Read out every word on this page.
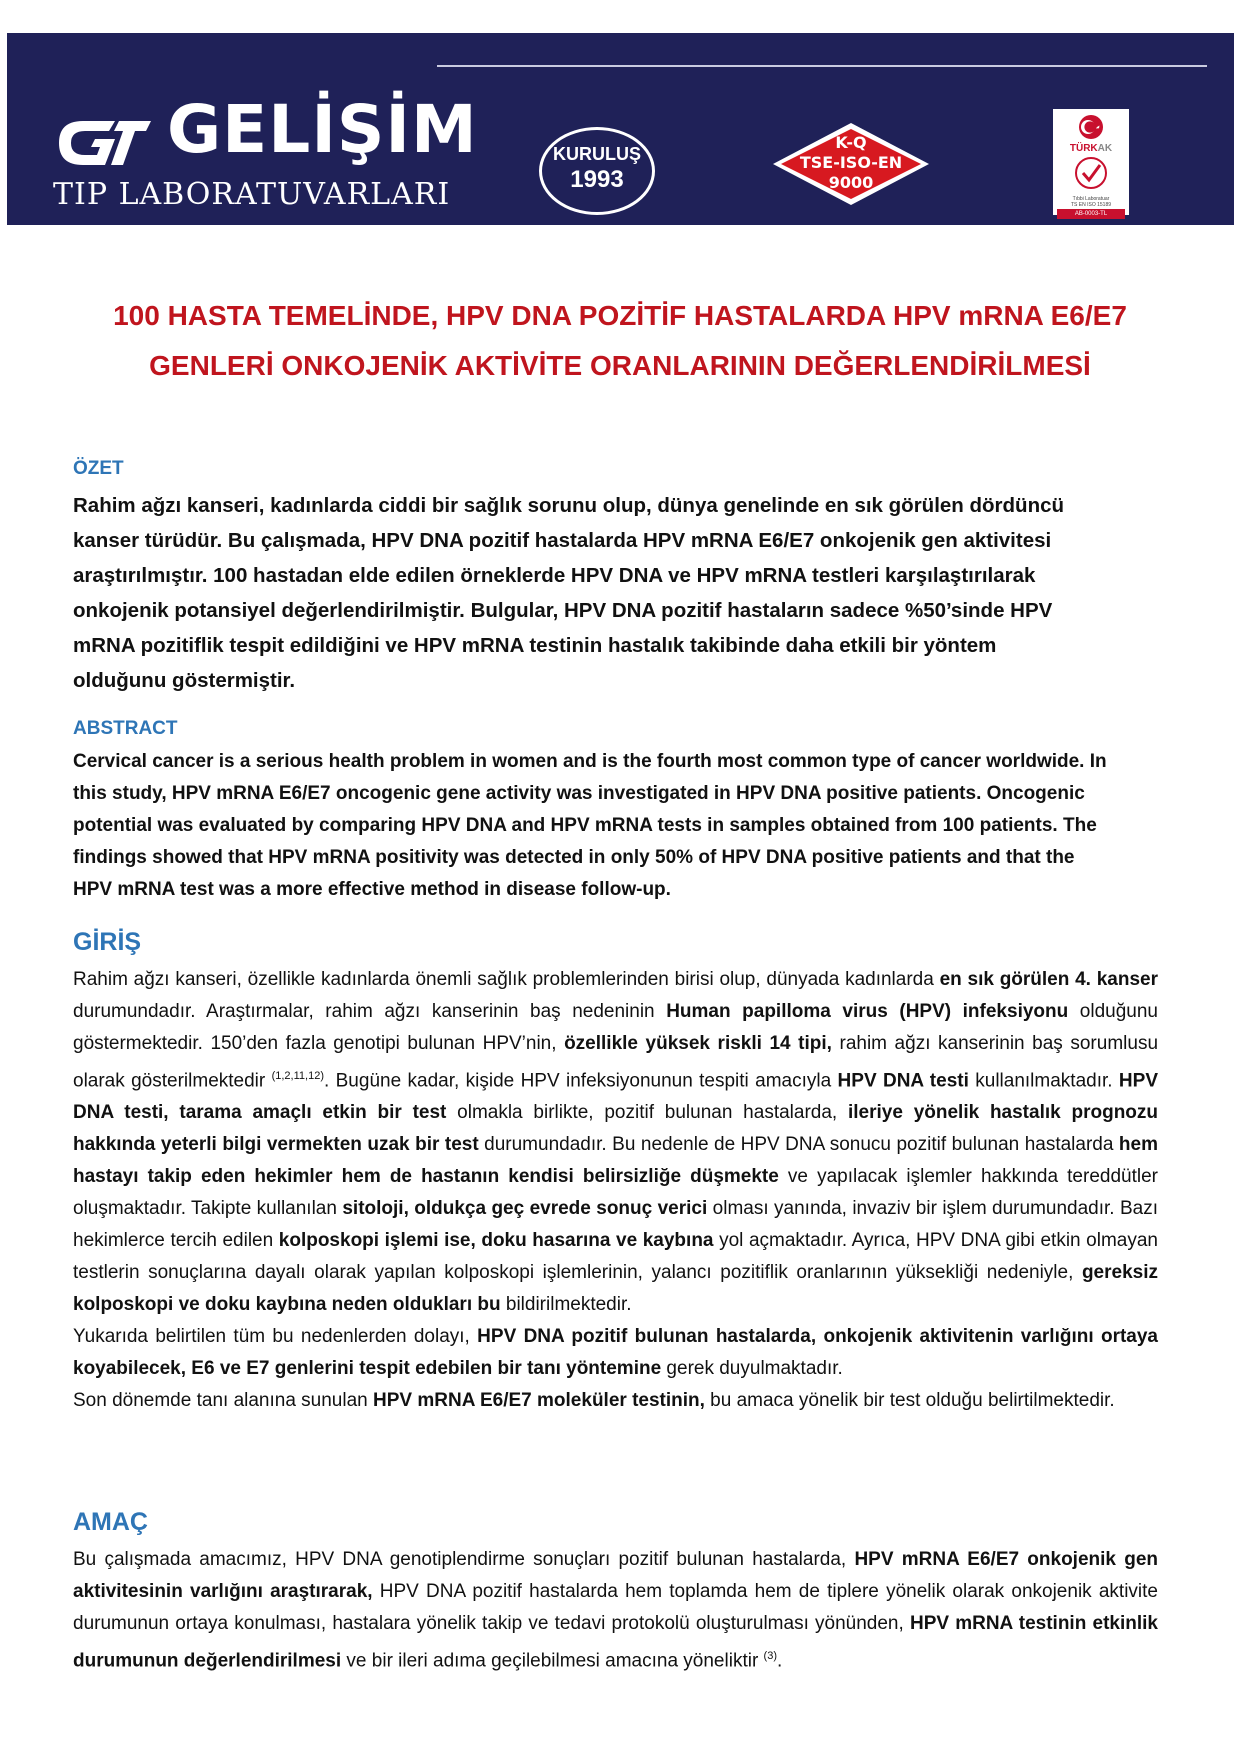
GELİŞİM
TIP LABORATUVARLARI
KURULUŞ
1993
K-Q
TSE-ISO-EN
9000
TÜRKAK
Tıbbi Laboratuar
TS EN ISO 15189
AB-0003-TL
100 HASTA TEMELİNDE, HPV DNA POZİTİF HASTALARDA HPV mRNA E6/E7
GENLERİ ONKOJENİK AKTİVİTE ORANLARININ DEĞERLENDİRİLMESİ
ÖZET
Rahim ağzı kanseri, kadınlarda ciddi bir sağlık sorunu olup, dünya genelinde en sık görülen dördüncü
kanser türüdür. Bu çalışmada, HPV DNA pozitif hastalarda HPV mRNA E6/E7 onkojenik gen aktivitesi
araştırılmıştır. 100 hastadan elde edilen örneklerde HPV DNA ve HPV mRNA testleri karşılaştırılarak
onkojenik potansiyel değerlendirilmiştir. Bulgular, HPV DNA pozitif hastaların sadece %50’sinde HPV
mRNA pozitiflik tespit edildiğini ve HPV mRNA testinin hastalık takibinde daha etkili bir yöntem
olduğunu göstermiştir.
ABSTRACT
Cervical cancer is a serious health problem in women and is the fourth most common type of cancer worldwide. In
this study, HPV mRNA E6/E7 oncogenic gene activity was investigated in HPV DNA positive patients. Oncogenic
potential was evaluated by comparing HPV DNA and HPV mRNA tests in samples obtained from 100 patients. The
findings showed that HPV mRNA positivity was detected in only 50% of HPV DNA positive patients and that the
HPV mRNA test was a more effective method in disease follow-up.
GİRİŞ
Rahim ağzı kanseri, özellikle kadınlarda önemli sağlık problemlerinden birisi olup, dünyada kadınlarda en sık görülen 4. kanser durumundadır. Araştırmalar, rahim ağzı kanserinin baş nedeninin Human papilloma virus (HPV) infeksiyonu olduğunu göstermektedir. 150’den fazla genotipi bulunan HPV’nin, özellikle yüksek riskli 14 tipi, rahim ağzı kanserinin baş sorumlusu olarak gösterilmektedir $^{(1,2,11,12)}$. Bugüne kadar, kişide HPV infeksiyonunun tespiti amacıyla HPV DNA testi kullanılmaktadır. HPV DNA testi, tarama amaçlı etkin bir test olmakla birlikte, pozitif bulunan hastalarda, ileriye yönelik hastalık prognozu hakkında yeterli bilgi vermekten uzak bir test durumundadır. Bu nedenle de HPV DNA sonucu pozitif bulunan hastalarda hem hastayı takip eden hekimler hem de hastanın kendisi belirsizliğe düşmekte ve yapılacak işlemler hakkında tereddütler oluşmaktadır. Takipte kullanılan sitoloji, oldukça geç evrede sonuç verici olması yanında, invaziv bir işlem durumundadır. Bazı hekimlerce tercih edilen kolposkopi işlemi ise, doku hasarına ve kaybına yol açmaktadır. Ayrıca, HPV DNA gibi etkin olmayan testlerin sonuçlarına dayalı olarak yapılan kolposkopi işlemlerinin, yalancı pozitiflik oranlarının yüksekliği nedeniyle, gereksiz kolposkopi ve doku kaybına neden oldukları bu bildirilmektedir.
Yukarıda belirtilen tüm bu nedenlerden dolayı, HPV DNA pozitif bulunan hastalarda, onkojenik aktivitenin varlığını ortaya koyabilecek, E6 ve E7 genlerini tespit edebilen bir tanı yöntemine gerek duyulmaktadır.
Son dönemde tanı alanına sunulan HPV mRNA E6/E7 moleküler testinin, bu amaca yönelik bir test olduğu belirtilmektedir.
AMAÇ
Bu çalışmada amacımız, HPV DNA genotiplendirme sonuçları pozitif bulunan hastalarda, HPV mRNA E6/E7 onkojenik gen aktivitesinin varlığını araştırarak, HPV DNA pozitif hastalarda hem toplamda hem de tiplere yönelik olarak onkojenik aktivite durumunun ortaya konulması, hastalara yönelik takip ve tedavi protokolü oluşturulması yönünden, HPV mRNA testinin etkinlik durumunun değerlendirilmesi ve bir ileri adıma geçilebilmesi amacına yöneliktir $^{(3)}$.
